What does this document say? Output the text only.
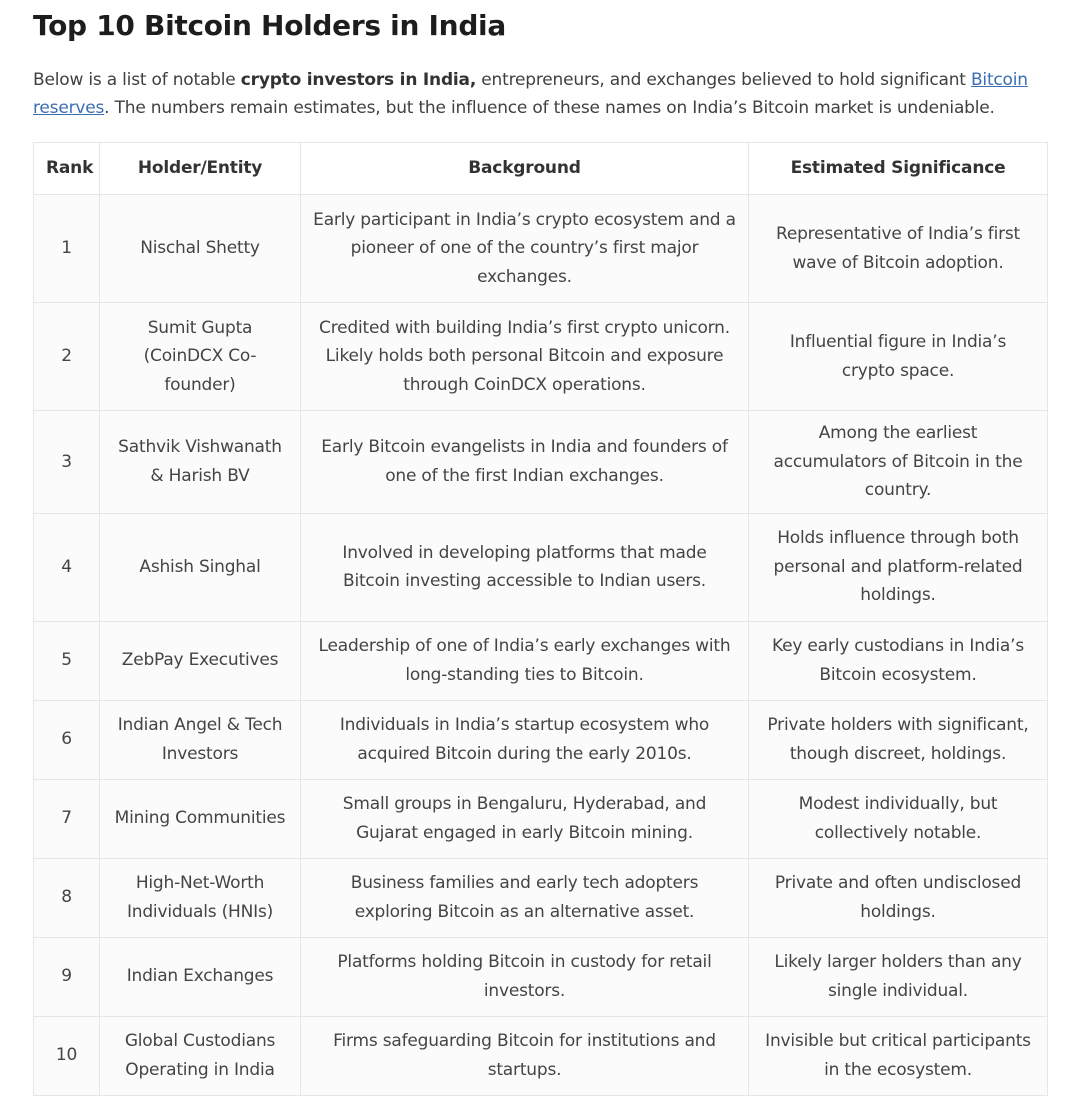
Top 10 Bitcoin Holders in India

Below is a list of notable crypto investors in India, entrepreneurs, and exchanges believed to hold significant Bitcoin reserves. The numbers remain estimates, but the influence of these names on India’s Bitcoin market is undeniable.

Rank	Holder/Entity	Background	Estimated Significance
1	Nischal Shetty	Early participant in India’s crypto ecosystem and a pioneer of one of the country’s first major exchanges.	Representative of India’s first wave of Bitcoin adoption.
2	Sumit Gupta (CoinDCX Co-founder)	Credited with building India’s first crypto unicorn. Likely holds both personal Bitcoin and exposure through CoinDCX operations.	Influential figure in India’s crypto space.
3	Sathvik Vishwanath & Harish BV	Early Bitcoin evangelists in India and founders of one of the first Indian exchanges.	Among the earliest accumulators of Bitcoin in the country.
4	Ashish Singhal	Involved in developing platforms that made Bitcoin investing accessible to Indian users.	Holds influence through both personal and platform-related holdings.
5	ZebPay Executives	Leadership of one of India’s early exchanges with long-standing ties to Bitcoin.	Key early custodians in India’s Bitcoin ecosystem.
6	Indian Angel & Tech Investors	Individuals in India’s startup ecosystem who acquired Bitcoin during the early 2010s.	Private holders with significant, though discreet, holdings.
7	Mining Communities	Small groups in Bengaluru, Hyderabad, and Gujarat engaged in early Bitcoin mining.	Modest individually, but collectively notable.
8	High-Net-Worth Individuals (HNIs)	Business families and early tech adopters exploring Bitcoin as an alternative asset.	Private and often undisclosed holdings.
9	Indian Exchanges	Platforms holding Bitcoin in custody for retail investors.	Likely larger holders than any single individual.
10	Global Custodians Operating in India	Firms safeguarding Bitcoin for institutions and startups.	Invisible but critical participants in the ecosystem.
